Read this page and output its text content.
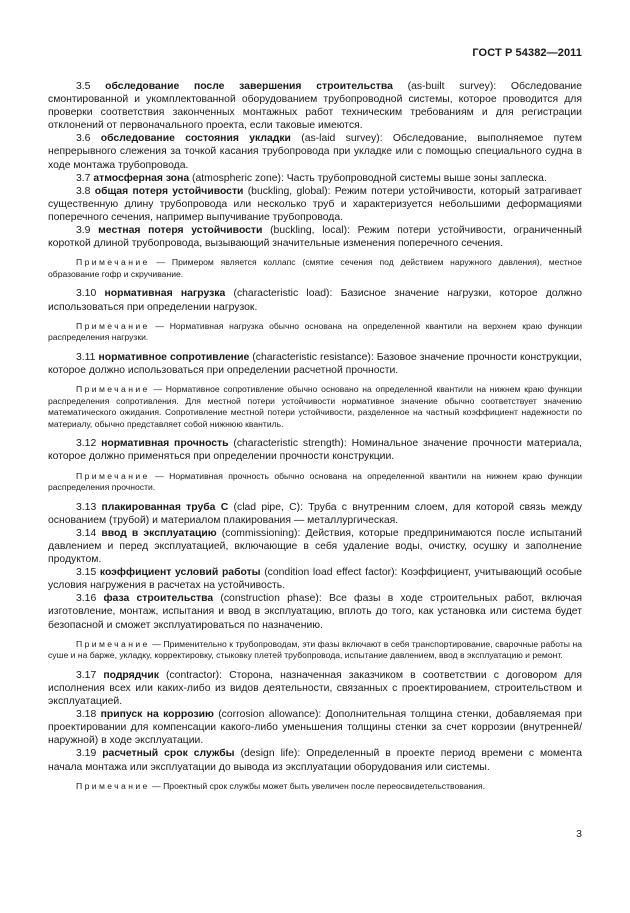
ГОСТ Р 54382—2011

3.5 обследование после завершения строительства (as-built survey): Обследование смонтированной и укомплектованной оборудованием трубопроводной системы, которое проводится для проверки соответствия законченных монтажных работ техническим требованиям и для регистрации отклонений от первоначального проекта, если таковые имеются.

3.6 обследование состояния укладки (as-laid survey): Обследование, выполняемое путем непрерывного слежения за точкой касания трубопровода при укладке или с помощью специального судна в ходе монтажа трубопровода.

3.7 атмосферная зона (atmospheric zone): Часть трубопроводной системы выше зоны заплеска.

3.8 общая потеря устойчивости (buckling, global): Режим потери устойчивости, который затрагивает существенную длину трубопровода или несколько труб и характеризуется небольшими деформациями поперечного сечения, например выпучивание трубопровода.

3.9 местная потеря устойчивости (buckling, local): Режим потери устойчивости, ограниченный короткой длиной трубопровода, вызывающий значительные изменения поперечного сечения.

Примечание — Примером является коллапс (смятие сечения под действием наружного давления), местное образование гофр и скручивание.

3.10 нормативная нагрузка (characteristic load): Базисное значение нагрузки, которое должно использоваться при определении нагрузок.

Примечание — Нормативная нагрузка обычно основана на определенной квантили на верхнем краю функции распределения нагрузки.

3.11 нормативное сопротивление (characteristic resistance): Базовое значение прочности конструкции, которое должно использоваться при определении расчетной прочности.

Примечание — Нормативное сопротивление обычно основано на определенной квантили на нижнем краю функции распределения сопротивления. Для местной потери устойчивости нормативное значение обычно соответствует значению математического ожидания. Сопротивление местной потери устойчивости, разделенное на частный коэффициент надежности по материалу, обычно представляет собой нижнюю квантиль.

3.12 нормативная прочность (characteristic strength): Номинальное значение прочности материала, которое должно применяться при определении прочности конструкции.

Примечание — Нормативная прочность обычно основана на определенной квантили на нижнем краю функции распределения прочности.

3.13 плакированная труба С (clad pipe, C): Труба с внутренним слоем, для которой связь между основанием (трубой) и материалом плакирования — металлургическая.

3.14 ввод в эксплуатацию (commissioning): Действия, которые предпринимаются после испытаний давлением и перед эксплуатацией, включающие в себя удаление воды, очистку, осушку и заполнение продуктом.

3.15 коэффициент условий работы (condition load effect factor): Коэффициент, учитывающий особые условия нагружения в расчетах на устойчивость.

3.16 фаза строительства (construction phase): Все фазы в ходе строительных работ, включая изготовление, монтаж, испытания и ввод в эксплуатацию, вплоть до того, как установка или система будет безопасной и сможет эксплуатироваться по назначению.

Примечание — Применительно к трубопроводам, эти фазы включают в себя транспортирование, сварочные работы на суше и на барже, укладку, корректировку, стыковку плетей трубопровода, испытание давлением, ввод в эксплуатацию и ремонт.

3.17 подрядчик (contractor): Сторона, назначенная заказчиком в соответствии с договором для исполнения всех или каких-либо из видов деятельности, связанных с проектированием, строительством и эксплуатацией.

3.18 припуск на коррозию (corrosion allowance): Дополнительная толщина стенки, добавляемая при проектировании для компенсации какого-либо уменьшения толщины стенки за счет коррозии (внутренней/наружной) в ходе эксплуатации.

3.19 расчетный срок службы (design life): Определенный в проекте период времени с момента начала монтажа или эксплуатации до вывода из эксплуатации оборудования или системы.

Примечание — Проектный срок службы может быть увеличен после переосвидетельствования.

3
